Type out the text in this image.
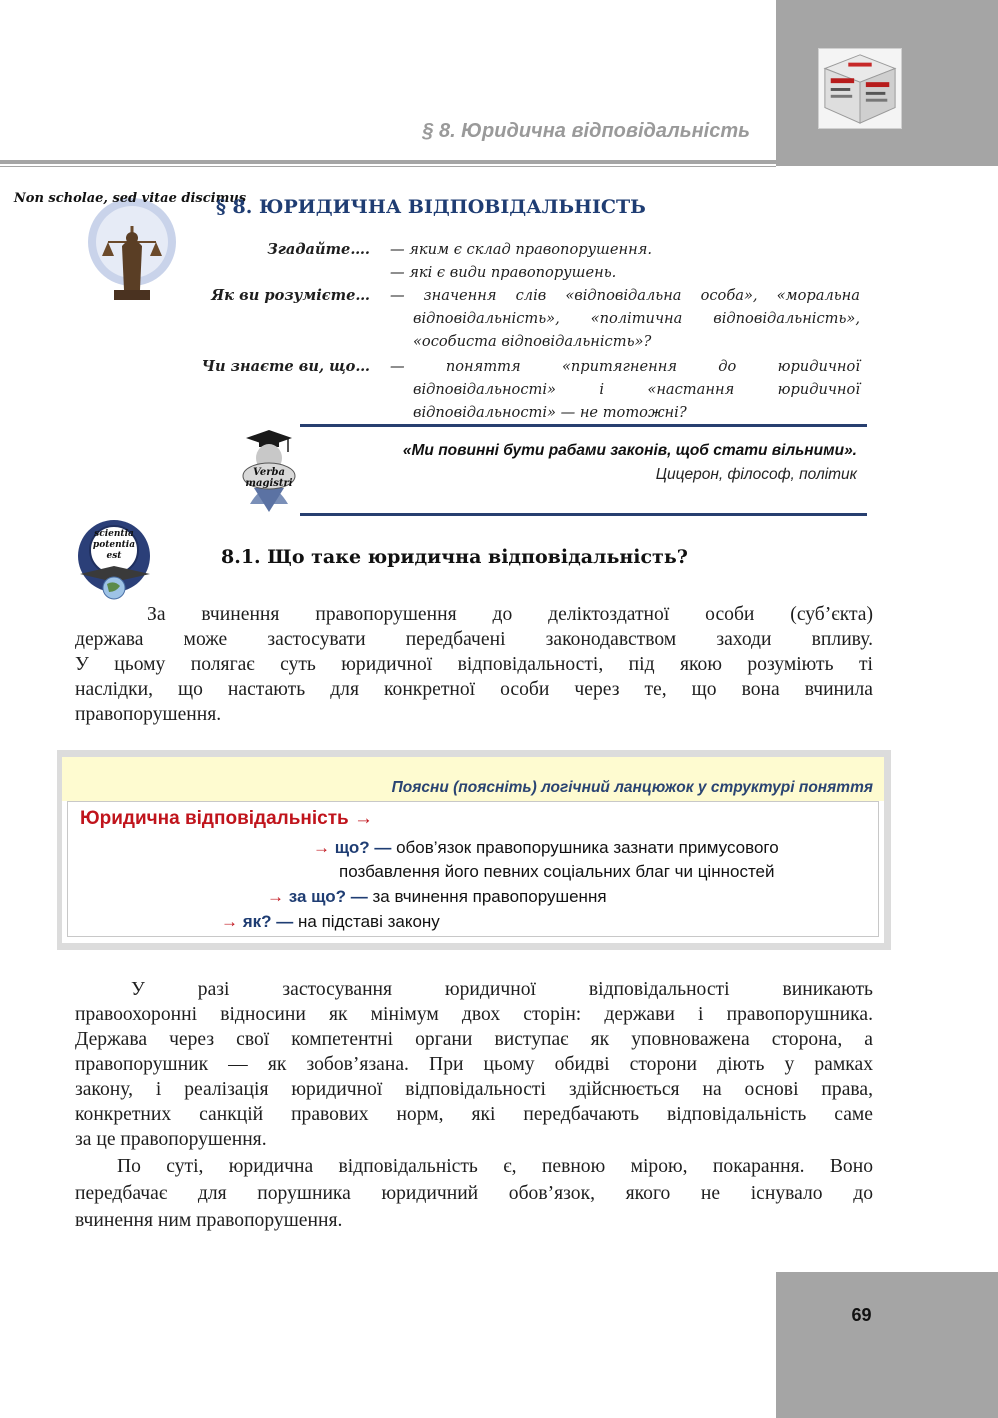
§ 8. Юридична відповідальність
Non scholae, sed vitae discimus
§ 8. ЮРИДИЧНА ВІДПОВІДАЛЬНІСТЬ
Згадайте….	— яким є склад правопорушення.
— які є види правопорушень.
Як ви розумієте…	— значення слів «відповідальна особа», «моральна відповідальність», «політична відповідальність», «особиста відповідальність»?
Чи знаєте ви, що…	— поняття «притягнення до юридичної відповідальності» і «настання юридичної відповідальності» — не тотожні?
Verba
magistri
«Ми повинні бути рабами законів, щоб стати вільними».
Цицерон, філософ, політик
scientia
potentia
est	8.1. Що таке юридична відповідальність?
За вчинення правопорушення до деліктоздатної особи (суб’єкта)
держава може застосувати передбачені законодавством заходи впливу.
У цьому полягає суть юридичної відповідальності, під якою розуміють ті
наслідки, що настають для конкретної особи через те, що вона вчинила
правопорушення.
Поясни (поясніть) логічний ланцюжок у структурі поняття
Юридична відповідальність →
→ що? — обов’язок правопорушника зазнати примусового
позбавлення його певних соціальних благ чи цінностей
→ за що? — за вчинення правопорушення
→ як? — на підставі закону
У разі застосування юридичної відповідальності виникають
правоохоронні відносини як мінімум двох сторін: держави і правопорушника.
Держава через свої компетентні органи виступає як уповноважена сторона, а
правопорушник — як зобов’язана. При цьому обидві сторони діють у рамках
закону, і реалізація юридичної відповідальності здійснюється на основі права,
конкретних санкцій правових норм, які передбачають відповідальність саме
за це правопорушення.
По суті, юридична відповідальність є, певною мірою, покарання. Воно
передбачає для порушника юридичний обов’язок, якого не існувало до
вчинення ним правопорушення.
69
